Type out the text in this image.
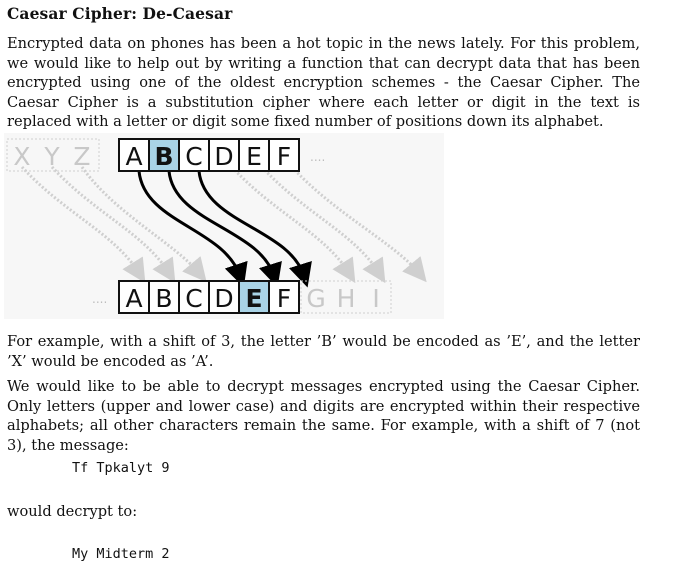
Caesar Cipher: De-Caesar
Encrypted data on phones has been a hot topic in the news lately. For this problem, we would like to help out by writing a function that can decrypt data that has been encrypted using one of the oldest encryption schemes - the Caesar Cipher. The Caesar Cipher is a substitution cipher where each letter or digit in the text is replaced with a letter or digit some fixed number of positions down its alphabet.
X Y Z A B C D E F ....
.... A B C D E F G H I
For example, with a shift of 3, the letter ’B’ would be encoded as ’E’, and the letter ’X’ would be encoded as ’A’.
We would like to be able to decrypt messages encrypted using the Caesar Cipher. Only letters (upper and lower case) and digits are encrypted within their respective alphabets; all other characters remain the same. For example, with a shift of 7 (not 3), the message:
Tf Tpkalyt 9
would decrypt to:
My Midterm 2
